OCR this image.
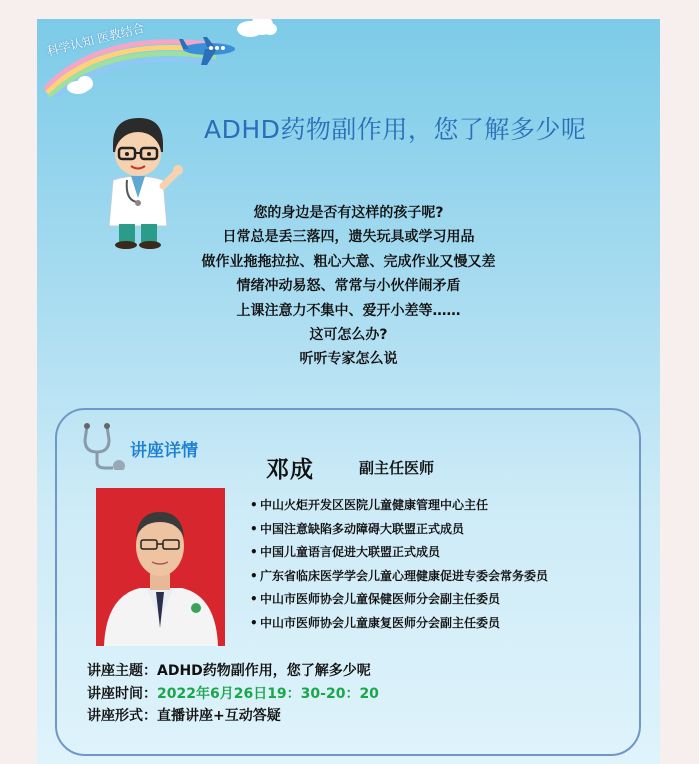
科学认知 医教结合
ADHD药物副作用，您了解多少呢
您的身边是否有这样的孩子呢?
日常总是丢三落四，遗失玩具或学习用品
做作业拖拖拉拉、粗心大意、完成作业又慢又差
情绪冲动易怒、常常与小伙伴闹矛盾
上课注意力不集中、爱开小差等……
这可怎么办?
听听专家怎么说
讲座详情
邓成	副主任医师
• 中山火炬开发区医院儿童健康管理中心主任
• 中国注意缺陷多动障碍大联盟正式成员
• 中国儿童语言促进大联盟正式成员
• 广东省临床医学学会儿童心理健康促进专委会常务委员
• 中山市医师协会儿童保健医师分会副主任委员
• 中山市医师协会儿童康复医师分会副主任委员
讲座主题：ADHD药物副作用，您了解多少呢
讲座时间：2022年6月26日19：30-20：20
讲座形式：直播讲座+互动答疑
